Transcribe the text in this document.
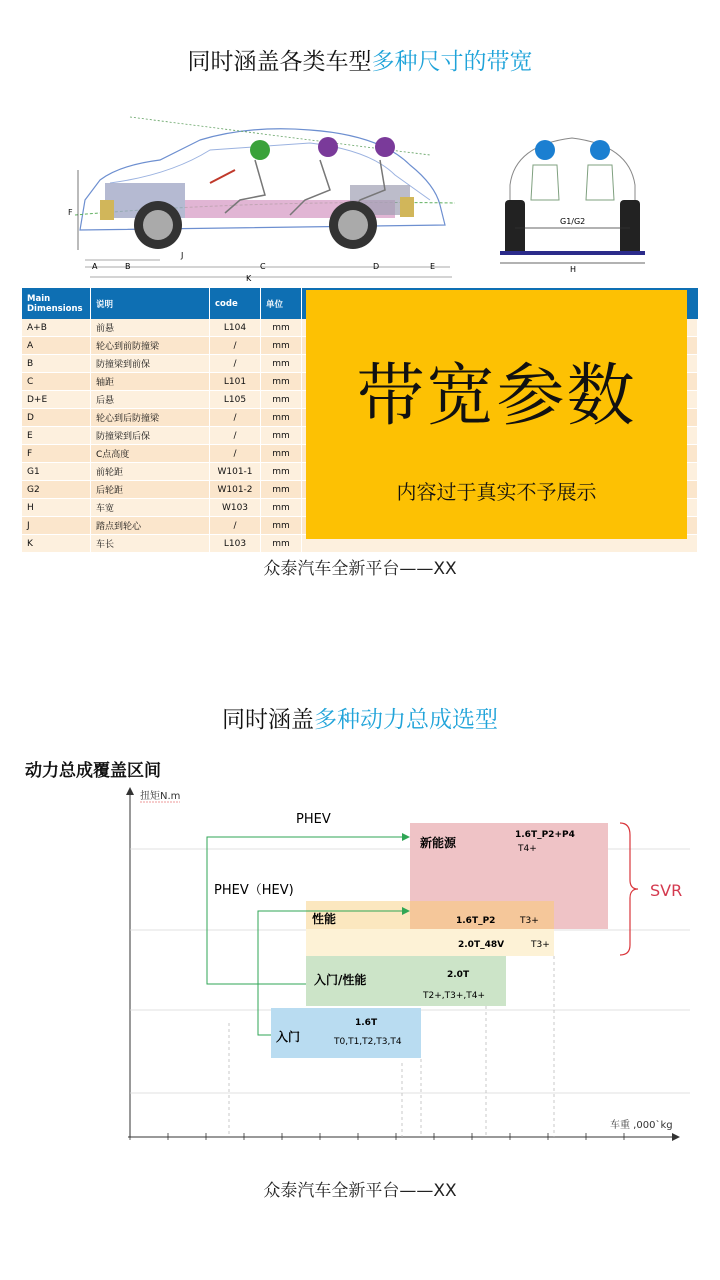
同时涵盖各类车型多种尺寸的带宽
F
A	B
J
C	D	E
K
G1/G2
H
Main Dimensions	说明	code	单位	
A+B	前悬	L104	mm	
A	轮心到前防撞梁	/	mm	
B	防撞梁到前保	/	mm	
C	轴距	L101	mm	
D+E	后悬	L105	mm	
D	轮心到后防撞梁	/	mm	
E	防撞梁到后保	/	mm	
F	C点高度	/	mm	
G1	前轮距	W101-1	mm	
G2	后轮距	W101-2	mm	
H	车宽	W103	mm	
J	踏点到轮心	/	mm	
K	车长	L103	mm	
带宽参数
内容过于真实不予展示
众泰汽车全新平台——XX
同时涵盖多种动力总成选型
动力总成覆盖区间
扭矩N.m
车重 ,000`kg
新能源
1.6T_P2+P4
T4+
性能	1.6T_P2	T3+
2.0T_48V	T3+
入门/性能	2.0T
T2+,T3+,T4+
入门
1.6T
T0,T1,T2,T3,T4
PHEV
PHEV（HEV)	SVR
众泰汽车全新平台——XX
